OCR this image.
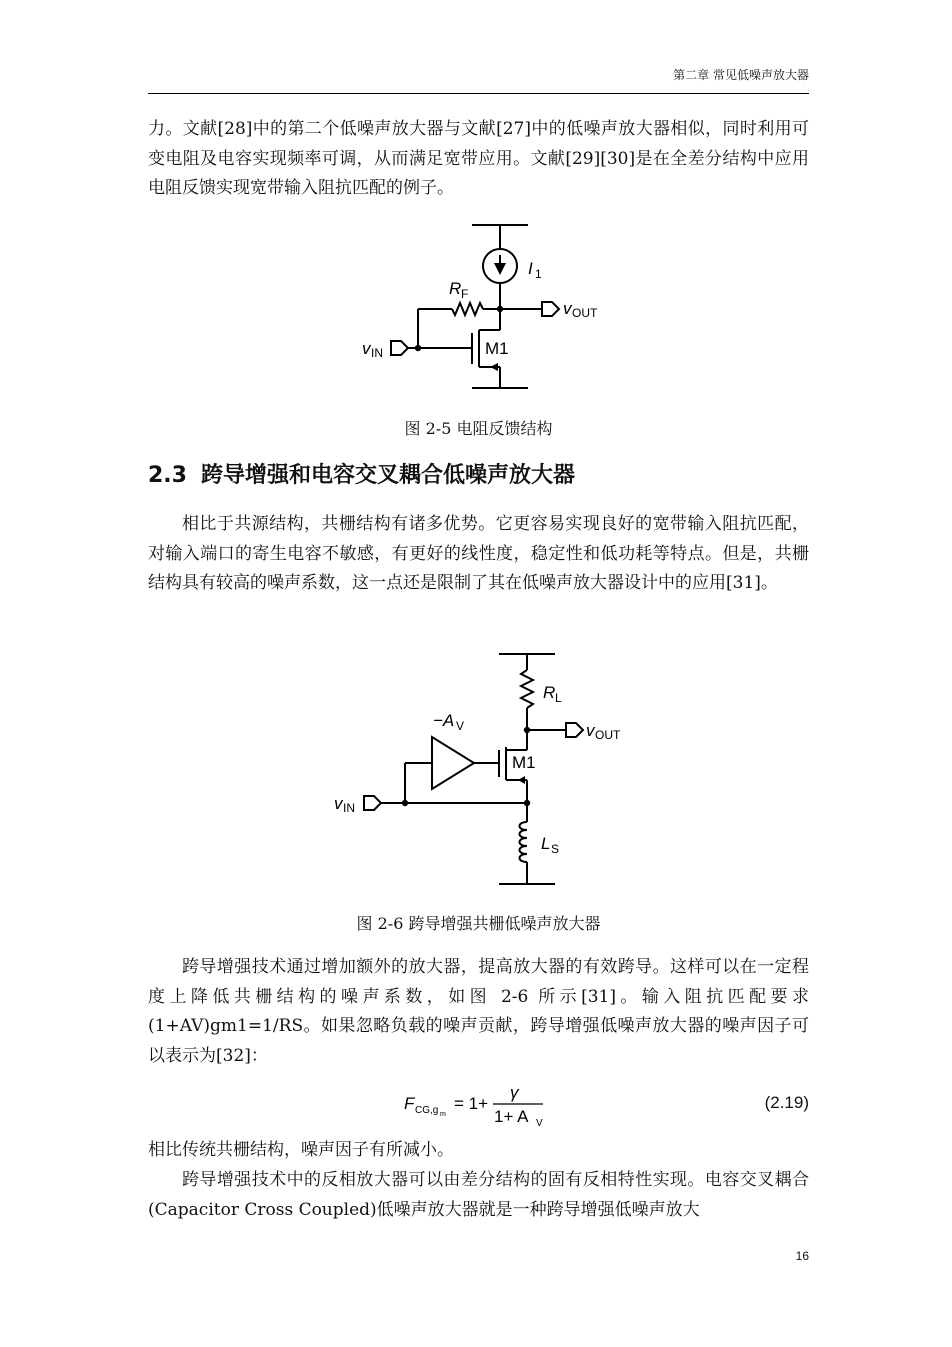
第二章 常见低噪声放大器

力。文献[28]中的第二个低噪声放大器与文献[27]中的低噪声放大器相似，同时利用可变电阻及电容实现频率可调，从而满足宽带应用。文献[29][30]是在全差分结构中应用电阻反馈实现宽带输入阻抗匹配的例子。

I 1
R F
v OUT
v IN	M1
图 2-5 电阻反馈结构
2.3 跨导增强和电容交叉耦合低噪声放大器

相比于共源结构，共栅结构有诸多优势。它更容易实现良好的宽带输入阻抗匹配，对输入端口的寄生电容不敏感，有更好的线性度，稳定性和低功耗等特点。但是，共栅结构具有较高的噪声系数，这一点还是限制了其在低噪声放大器设计中的应用[31]。

R L
−A V	v OUT
M1
v IN
L S
图 2-6 跨导增强共栅低噪声放大器

跨导增强技术通过增加额外的放大器，提高放大器的有效跨导。这样可以在一定程度上降低共栅结构的噪声系数，如图 2-6 所示[31]。输入阻抗匹配要求(1+AV)gm1=1/RS。如果忽略负载的噪声贡献，跨导增强低噪声放大器的噪声因子可以表示为[32]：

F CG,g m
= 1+
γ
1+ A V
(2.19)

相比传统共栅结构，噪声因子有所减小。

跨导增强技术中的反相放大器可以由差分结构的固有反相特性实现。电容交叉耦合(Capacitor Cross Coupled)低噪声放大器就是一种跨导增强低噪声放大

16
